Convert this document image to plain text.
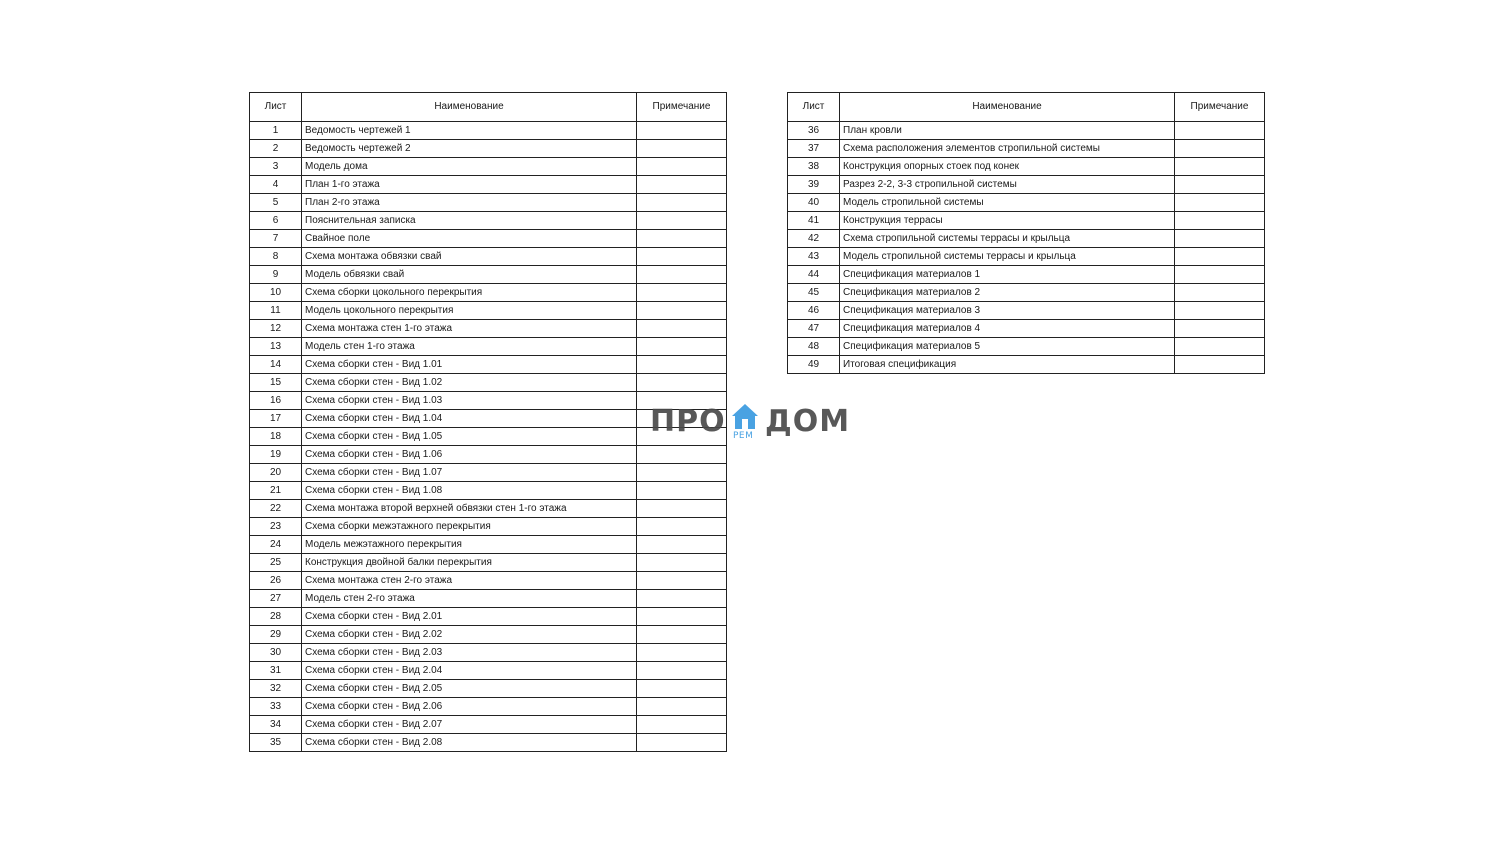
Лист	Наименование	Примечание
1	Ведомость чертежей 1	
2	Ведомость чертежей 2	
3	Модель дома	
4	План 1-го этажа	
5	План 2-го этажа	
6	Пояснительная записка	
7	Свайное поле	
8	Схема монтажа обвязки свай	
9	Модель обвязки свай	
10	Схема сборки цокольного перекрытия	
11	Модель цокольного перекрытия	
12	Схема монтажа стен 1-го этажа	
13	Модель стен 1-го этажа	
14	Схема сборки стен - Вид 1.01	
15	Схема сборки стен - Вид 1.02	
16	Схема сборки стен - Вид 1.03	
17	Схема сборки стен - Вид 1.04	
18	Схема сборки стен - Вид 1.05	
19	Схема сборки стен - Вид 1.06	
20	Схема сборки стен - Вид 1.07	
21	Схема сборки стен - Вид 1.08	
22	Схема монтажа второй верхней обвязки стен 1-го этажа	
23	Схема сборки межэтажного перекрытия	
24	Модель межэтажного перекрытия	
25	Конструкция двойной балки перекрытия	
26	Схема монтажа стен 2-го этажа	
27	Модель стен 2-го этажа	
28	Схема сборки стен - Вид 2.01	
29	Схема сборки стен - Вид 2.02	
30	Схема сборки стен - Вид 2.03	
31	Схема сборки стен - Вид 2.04	
32	Схема сборки стен - Вид 2.05	
33	Схема сборки стен - Вид 2.06	
34	Схема сборки стен - Вид 2.07	
35	Схема сборки стен - Вид 2.08	
Лист	Наименование	Примечание
36	План кровли	
37	Схема расположения элементов стропильной системы	
38	Конструкция опорных стоек под конек	
39	Разрез 2-2, 3-3 стропильной системы	
40	Модель стропильной системы	
41	Конструкция террасы	
42	Схема стропильной системы террасы и крыльца	
43	Модель стропильной системы террасы и крыльца	
44	Спецификация материалов 1	
45	Спецификация материалов 2	
46	Спецификация материалов 3	
47	Спецификация материалов 4	
48	Спецификация материалов 5	
49	Итоговая спецификация	
ПРО ДОМ
РЕМ
